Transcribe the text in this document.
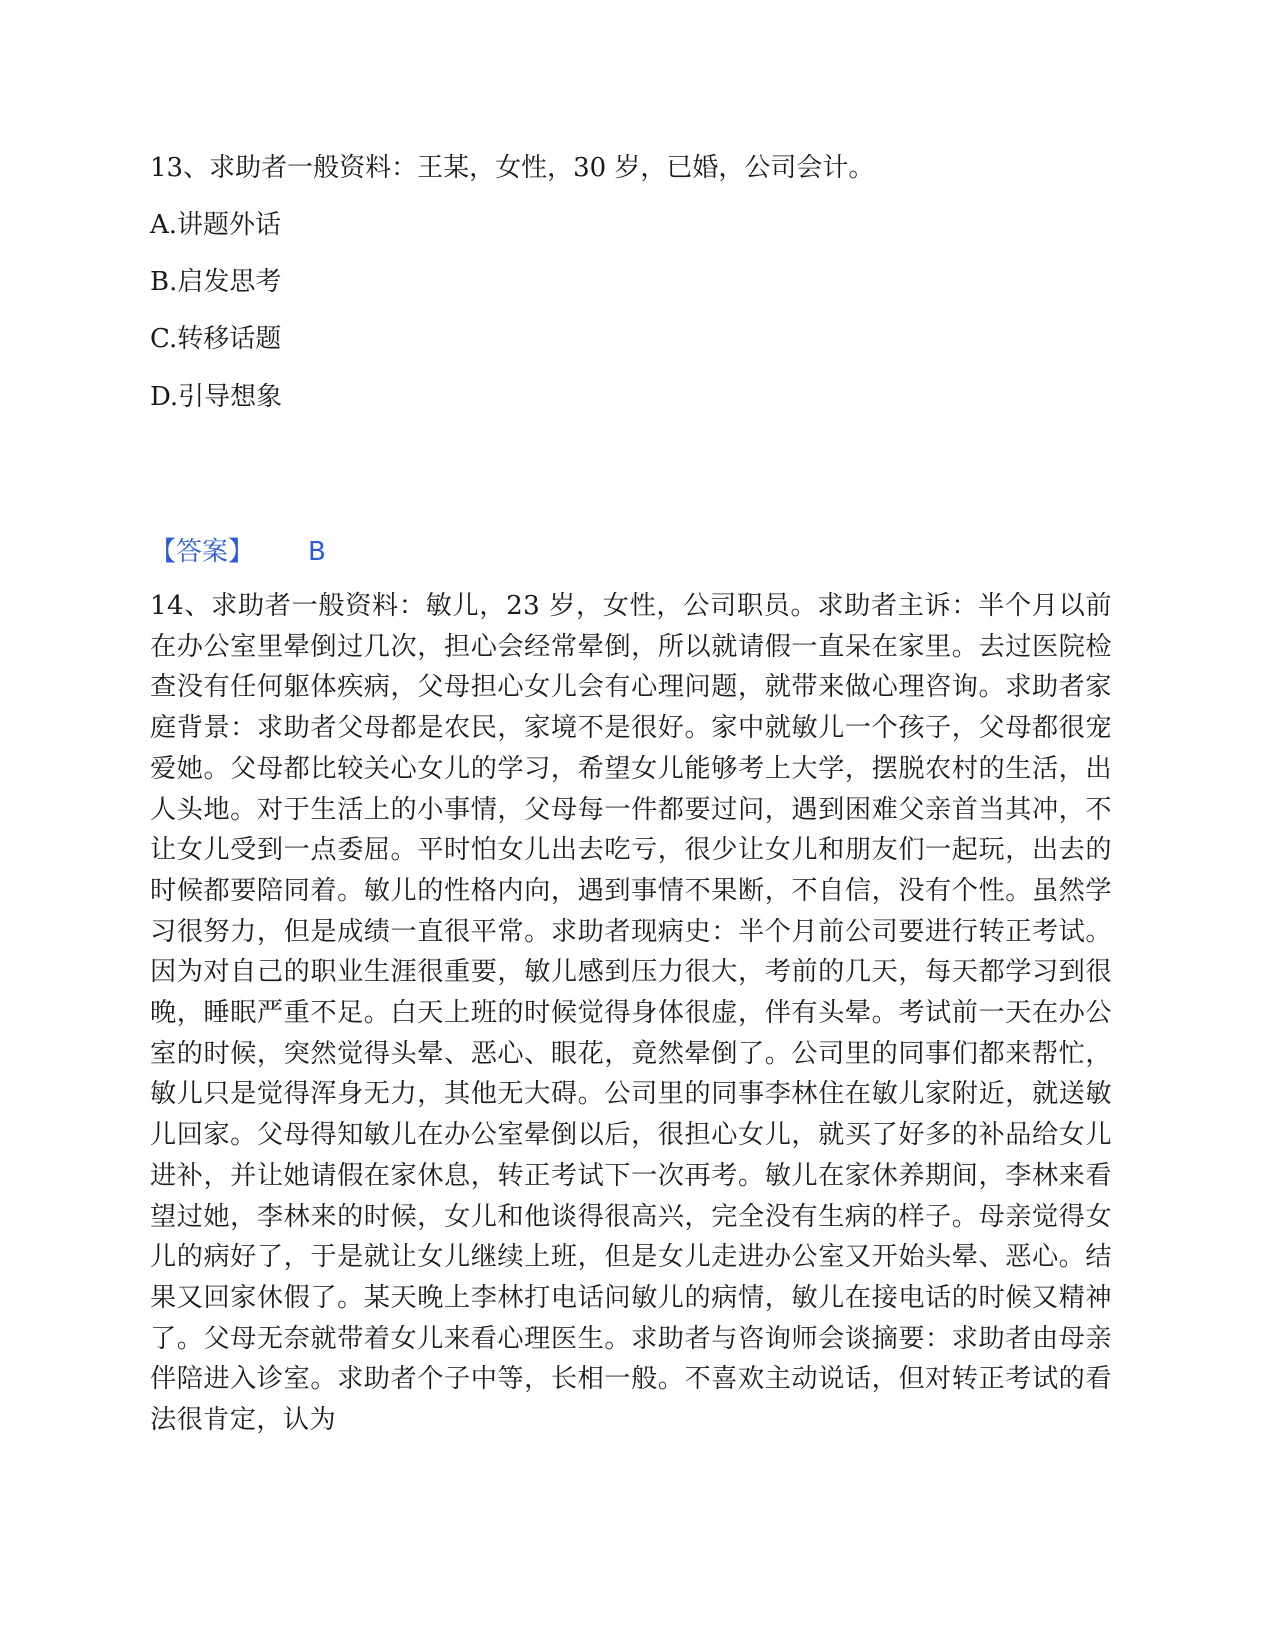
13、求助者一般资料：王某，女性，30 岁，已婚，公司会计。
A.讲题外话
B.启发思考
C.转移话题
D.引导想象
【答案】 B
14、求助者一般资料：敏儿，23 岁，女性，公司职员。求助者主诉：半个月以前在办公室里晕倒过几次，担心会经常晕倒，所以就请假一直呆在家里。去过医院检查没有任何躯体疾病，父母担心女儿会有心理问题，就带来做心理咨询。求助者家庭背景：求助者父母都是农民，家境不是很好。家中就敏儿一个孩子，父母都很宠爱她。父母都比较关心女儿的学习，希望女儿能够考上大学，摆脱农村的生活，出人头地。对于生活上的小事情，父母每一件都要过问，遇到困难父亲首当其冲，不让女儿受到一点委屈。平时怕女儿出去吃亏，很少让女儿和朋友们一起玩，出去的时候都要陪同着。敏儿的性格内向，遇到事情不果断，不自信，没有个性。虽然学习很努力，但是成绩一直很平常。求助者现病史：半个月前公司要进行转正考试。因为对自己的职业生涯很重要，敏儿感到压力很大，考前的几天，每天都学习到很晚，睡眠严重不足。白天上班的时候觉得身体很虚，伴有头晕。考试前一天在办公室的时候，突然觉得头晕、恶心、眼花，竟然晕倒了。公司里的同事们都来帮忙，敏儿只是觉得浑身无力，其他无大碍。公司里的同事李林住在敏儿家附近，就送敏儿回家。父母得知敏儿在办公室晕倒以后，很担心女儿，就买了好多的补品给女儿进补，并让她请假在家休息，转正考试下一次再考。敏儿在家休养期间，李林来看望过她，李林来的时候，女儿和他谈得很高兴，完全没有生病的样子。母亲觉得女儿的病好了，于是就让女儿继续上班，但是女儿走进办公室又开始头晕、恶心。结果又回家休假了。某天晚上李林打电话问敏儿的病情，敏儿在接电话的时候又精神了。父母无奈就带着女儿来看心理医生。求助者与咨询师会谈摘要：求助者由母亲伴陪进入诊室。求助者个子中等，长相一般。不喜欢主动说话，但对转正考试的看法很肯定，认为
